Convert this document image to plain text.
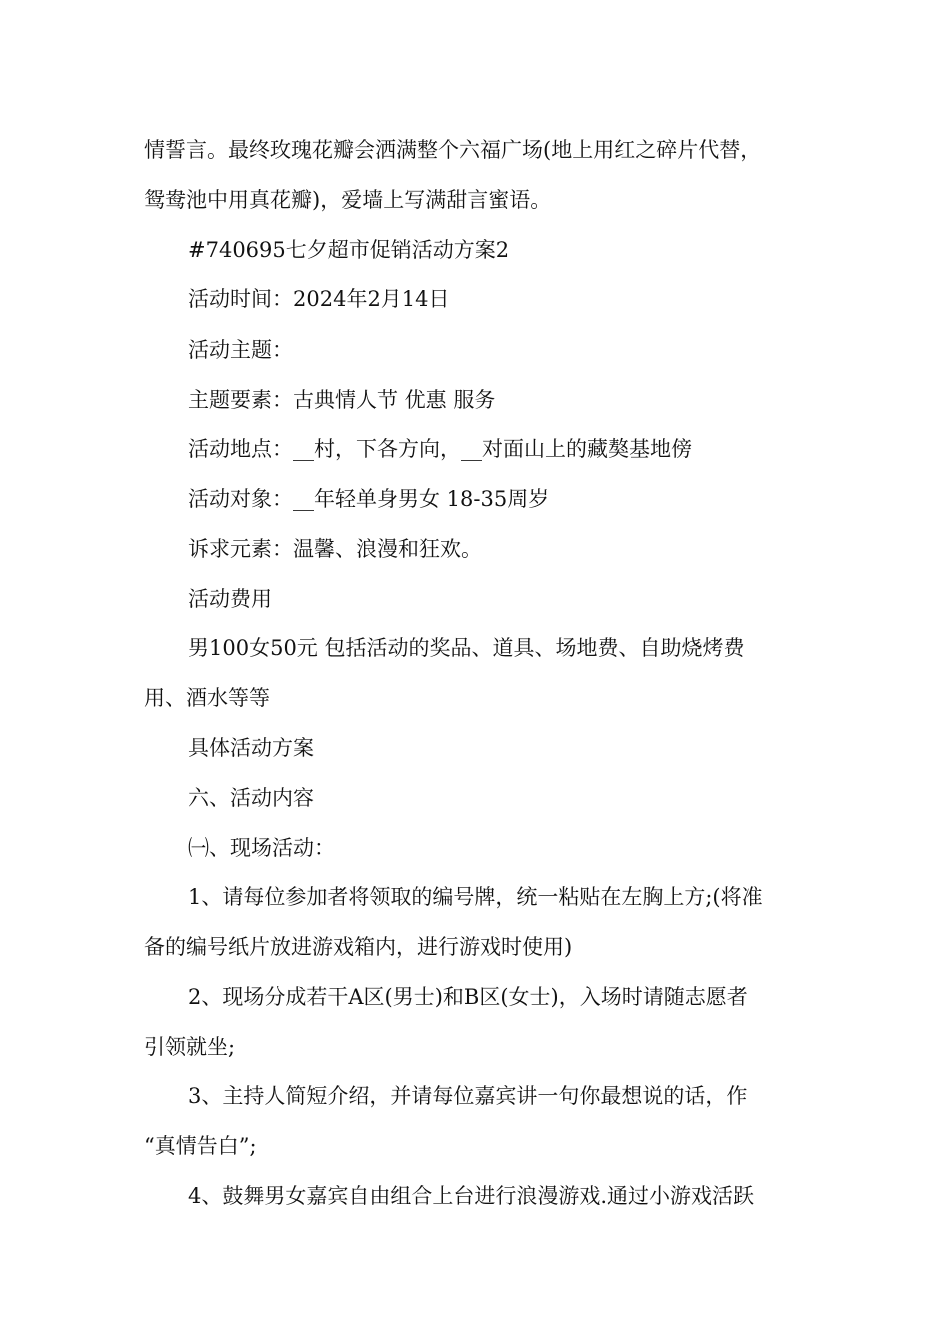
情誓言。最终玫瑰花瓣会洒满整个六福广场(地上用红之碎片代替，
鸳鸯池中用真花瓣)，爱墙上写满甜言蜜语。
#740695七夕超市促销活动方案2
活动时间：2024年2月14日
活动主题：
主题要素：古典情人节 优惠 服务
活动地点：__村，下各方向，__对面山上的藏獒基地傍
活动对象：__年轻单身男女 18-35周岁
诉求元素：温馨、浪漫和狂欢。
活动费用
男100女50元 包括活动的奖品、道具、场地费、自助烧烤费
用、酒水等等
具体活动方案
六、活动内容
㈠、现场活动：
1、请每位参加者将领取的编号牌，统一粘贴在左胸上方;(将准
备的编号纸片放进游戏箱内，进行游戏时使用)
2、现场分成若干A区(男士)和B区(女士)，入场时请随志愿者
引领就坐;
3、主持人简短介绍，并请每位嘉宾讲一句你最想说的话，作
“真情告白”;
4、鼓舞男女嘉宾自由组合上台进行浪漫游戏.通过小游戏活跃
